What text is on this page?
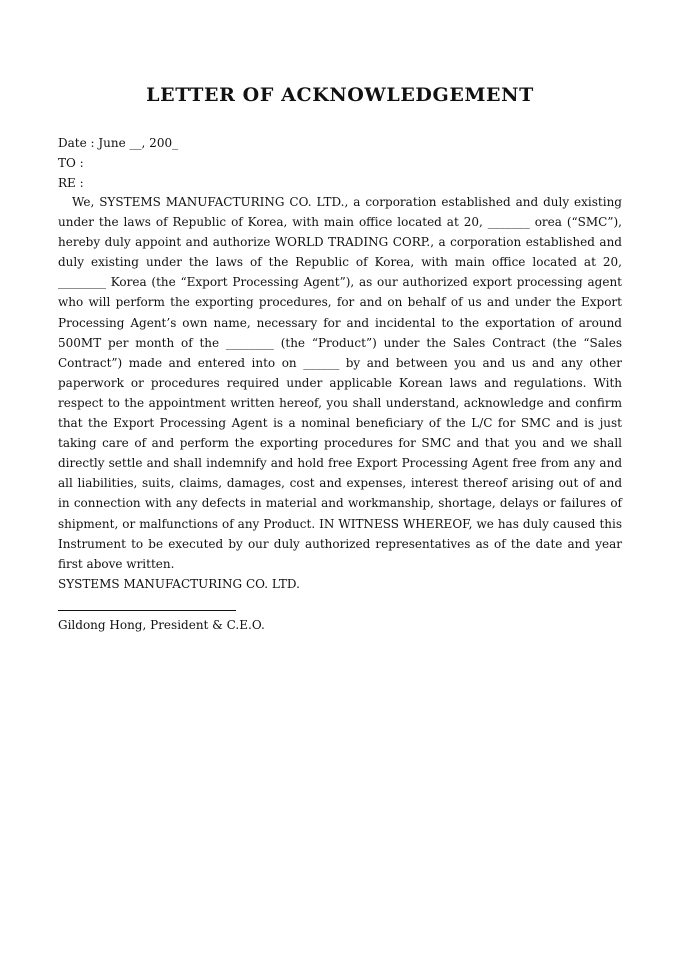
LETTER OF ACKNOWLEDGEMENT
Date : June __, 200_
TO :
RE :

We, SYSTEMS MANUFACTURING CO. LTD., a corporation established and duly existing under the laws of Republic of Korea, with main office located at 20, _______ orea (“SMC”), hereby duly appoint and authorize WORLD TRADING CORP., a corporation established and duly existing under the laws of the Republic of Korea, with main office located at 20, ________ Korea (the “Export Processing Agent”), as our authorized export processing agent who will perform the exporting procedures, for and on behalf of us and under the Export Processing Agent’s own name, necessary for and incidental to the exportation of around 500MT per month of the ________ (the “Product”) under the Sales Contract (the “Sales Contract”) made and entered into on ______ by and between you and us and any other paperwork or procedures required under applicable Korean laws and regulations. With respect to the appointment written hereof, you shall understand, acknowledge and confirm that the Export Processing Agent is a nominal beneficiary of the L/C for SMC and is just taking care of and perform the exporting procedures for SMC and that you and we shall directly settle and shall indemnify and hold free Export Processing Agent free from any and all liabilities, suits, claims, damages, cost and expenses, interest thereof arising out of and in connection with any defects in material and workmanship, shortage, delays or failures of shipment, or malfunctions of any Product. IN WITNESS WHEREOF, we has duly caused this Instrument to be executed by our duly authorized representatives as of the date and year first above written.

SYSTEMS MANUFACTURING CO. LTD.
Gildong Hong, President & C.E.O.
